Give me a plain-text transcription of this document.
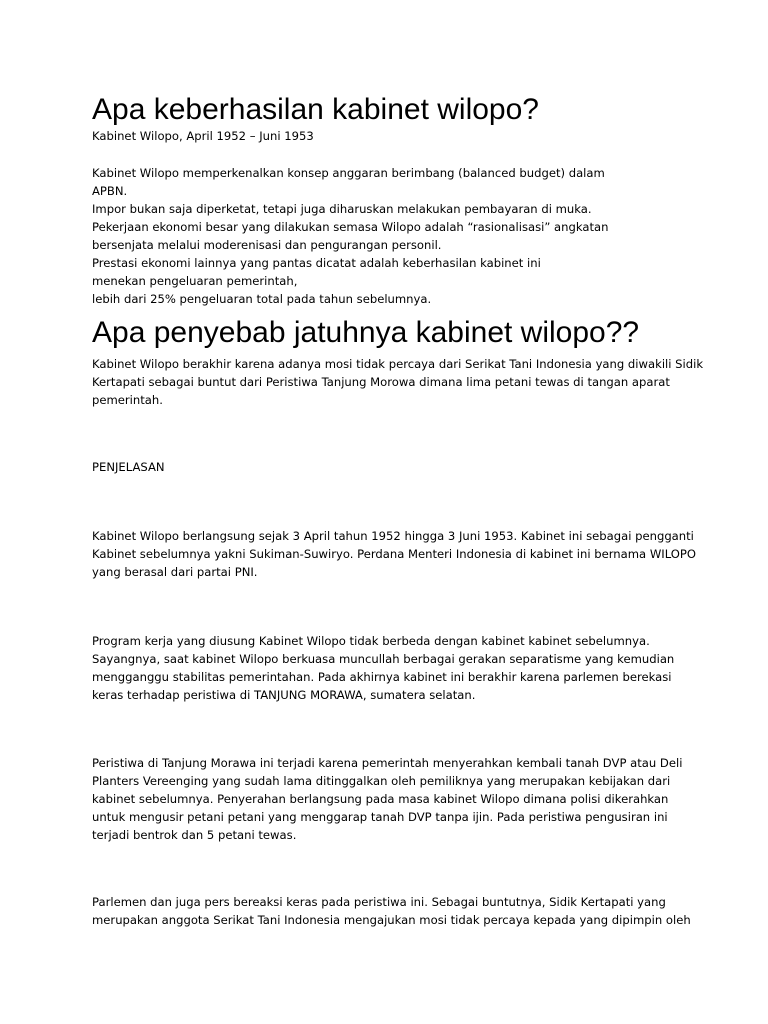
Apa keberhasilan kabinet wilopo?

Kabinet Wilopo, April 1952 – Juni 1953

Kabinet Wilopo memperkenalkan konsep anggaran berimbang (balanced budget) dalam
APBN.
Impor bukan saja diperketat, tetapi juga diharuskan melakukan pembayaran di muka.
Pekerjaan ekonomi besar yang dilakukan semasa Wilopo adalah “rasionalisasi” angkatan
bersenjata melalui moderenisasi dan pengurangan personil.
Prestasi ekonomi lainnya yang pantas dicatat adalah keberhasilan kabinet ini
menekan pengeluaran pemerintah,
lebih dari 25% pengeluaran total pada tahun sebelumnya.
Apa penyebab jatuhnya kabinet wilopo??
Kabinet Wilopo berakhir karena adanya mosi tidak percaya dari Serikat Tani Indonesia yang diwakili Sidik
Kertapati sebagai buntut dari Peristiwa Tanjung Morowa dimana lima petani tewas di tangan aparat
pemerintah.

PENJELASAN

Kabinet Wilopo berlangsung sejak 3 April tahun 1952 hingga 3 Juni 1953. Kabinet ini sebagai pengganti
Kabinet sebelumnya yakni Sukiman-Suwiryo. Perdana Menteri Indonesia di kabinet ini bernama WILOPO
yang berasal dari partai PNI.
Program kerja yang diusung Kabinet Wilopo tidak berbeda dengan kabinet kabinet sebelumnya.
Sayangnya, saat kabinet Wilopo berkuasa muncullah berbagai gerakan separatisme yang kemudian
mengganggu stabilitas pemerintahan. Pada akhirnya kabinet ini berakhir karena parlemen berekasi
keras terhadap peristiwa di TANJUNG MORAWA, sumatera selatan.
Peristiwa di Tanjung Morawa ini terjadi karena pemerintah menyerahkan kembali tanah DVP atau Deli
Planters Vereenging yang sudah lama ditinggalkan oleh pemiliknya yang merupakan kebijakan dari
kabinet sebelumnya. Penyerahan berlangsung pada masa kabinet Wilopo dimana polisi dikerahkan
untuk mengusir petani petani yang menggarap tanah DVP tanpa ijin. Pada peristiwa pengusiran ini
terjadi bentrok dan 5 petani tewas.
Parlemen dan juga pers bereaksi keras pada peristiwa ini. Sebagai buntutnya, Sidik Kertapati yang
merupakan anggota Serikat Tani Indonesia mengajukan mosi tidak percaya kepada yang dipimpin oleh
